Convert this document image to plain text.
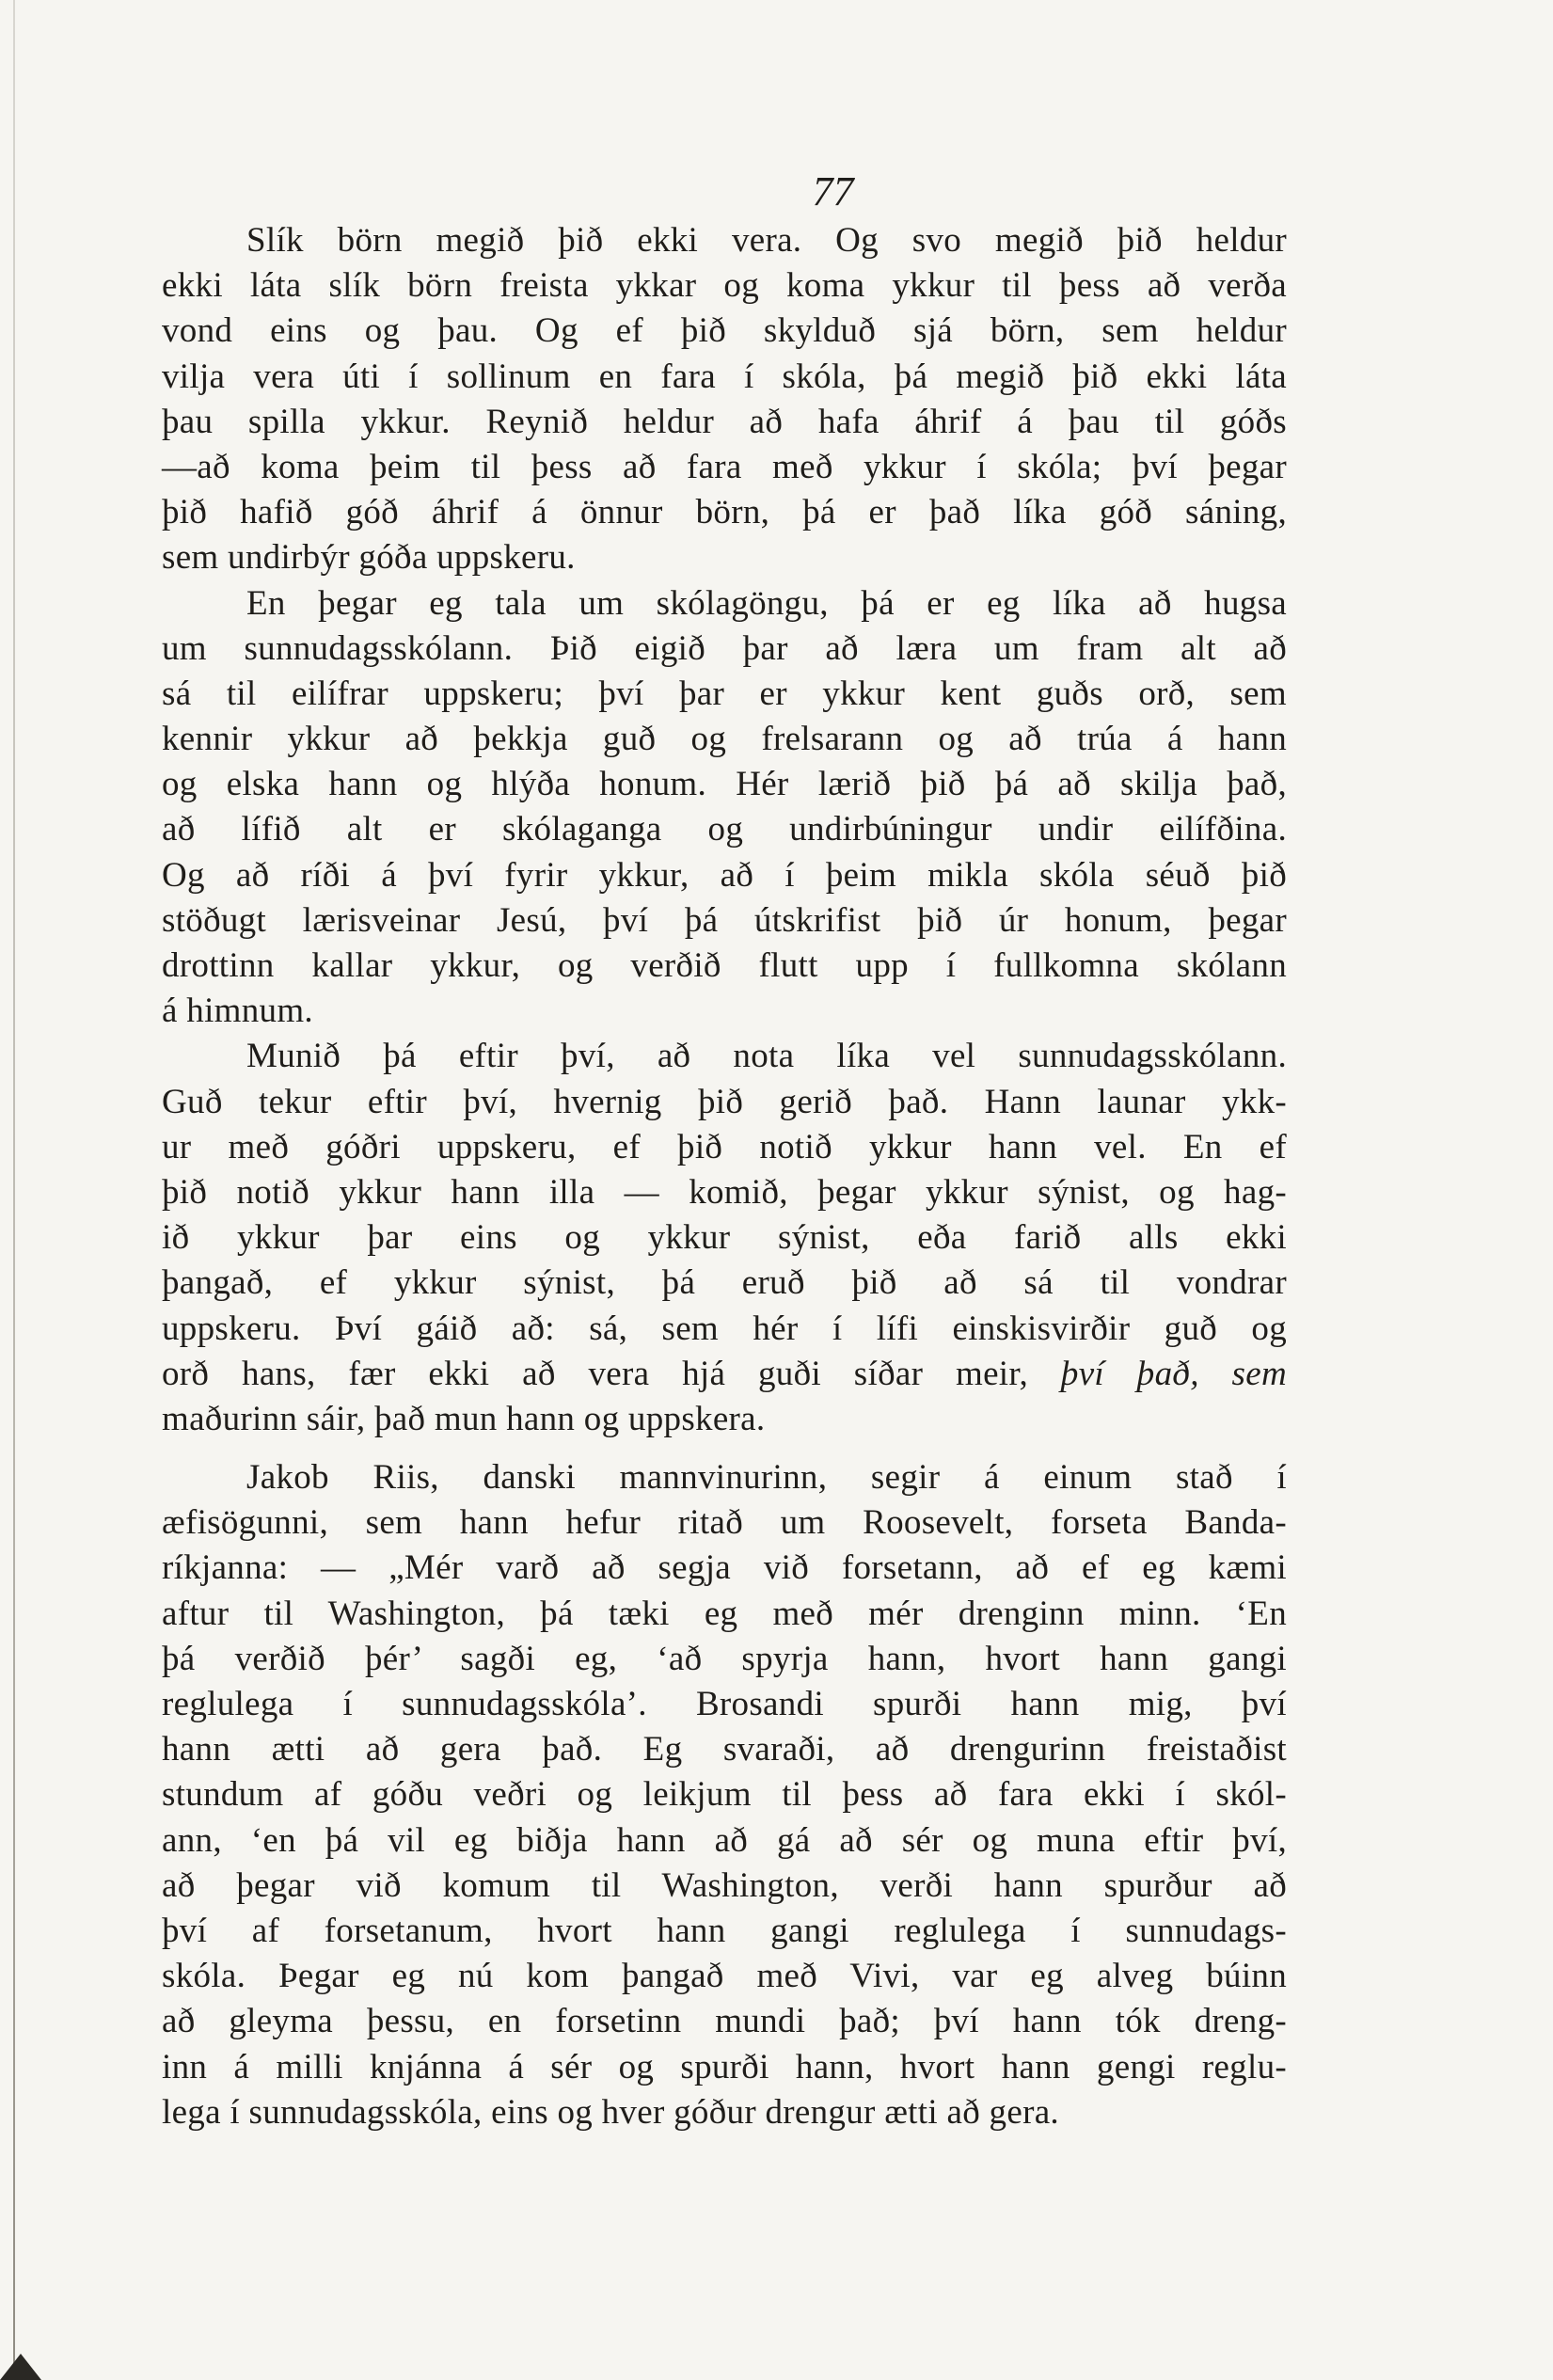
77
Slík börn megið þið ekki vera. Og svo megið þið heldur
ekki láta slík börn freista ykkar og koma ykkur til þess að verða
vond eins og þau. Og ef þið skylduð sjá börn, sem heldur
vilja vera úti í sollinum en fara í skóla, þá megið þið ekki láta
þau spilla ykkur. Reynið heldur að hafa áhrif á þau til góðs
—að koma þeim til þess að fara með ykkur í skóla; því þegar
þið hafið góð áhrif á önnur börn, þá er það líka góð sáning,
sem undirbýr góða uppskeru.
En þegar eg tala um skólagöngu, þá er eg líka að hugsa
um sunnudagsskólann. Þið eigið þar að læra um fram alt að
sá til eilífrar uppskeru; því þar er ykkur kent guðs orð, sem
kennir ykkur að þekkja guð og frelsarann og að trúa á hann
og elska hann og hlýða honum. Hér lærið þið þá að skilja það,
að lífið alt er skólaganga og undirbúningur undir eilífðina.
Og að ríði á því fyrir ykkur, að í þeim mikla skóla séuð þið
stöðugt lærisveinar Jesú, því þá útskrifist þið úr honum, þegar
drottinn kallar ykkur, og verðið flutt upp í fullkomna skólann
á himnum.
Munið þá eftir því, að nota líka vel sunnudagsskólann.
Guð tekur eftir því, hvernig þið gerið það. Hann launar ykk-
ur með góðri uppskeru, ef þið notið ykkur hann vel. En ef
þið notið ykkur hann illa — komið, þegar ykkur sýnist, og hag-
ið ykkur þar eins og ykkur sýnist, eða farið alls ekki
þangað, ef ykkur sýnist, þá eruð þið að sá til vondrar
uppskeru. Því gáið að: sá, sem hér í lífi einskisvirðir guð og
orð hans, fær ekki að vera hjá guði síðar meir, því það, sem
maðurinn sáir, það mun hann og uppskera.
Jakob Riis, danski mannvinurinn, segir á einum stað í
æfisögunni, sem hann hefur ritað um Roosevelt, forseta Banda-
ríkjanna: — „Mér varð að segja við forsetann, að ef eg kæmi
aftur til Washington, þá tæki eg með mér drenginn minn. ‘En
þá verðið þér’ sagði eg, ‘að spyrja hann, hvort hann gangi
reglulega í sunnudagsskóla’. Brosandi spurði hann mig, því
hann ætti að gera það. Eg svaraði, að drengurinn freistaðist
stundum af góðu veðri og leikjum til þess að fara ekki í skól-
ann, ‘en þá vil eg biðja hann að gá að sér og muna eftir því,
að þegar við komum til Washington, verði hann spurður að
því af forsetanum, hvort hann gangi reglulega í sunnudags-
skóla. Þegar eg nú kom þangað með Vivi, var eg alveg búinn
að gleyma þessu, en forsetinn mundi það; því hann tók dreng-
inn á milli knjánna á sér og spurði hann, hvort hann gengi reglu-
lega í sunnudagsskóla, eins og hver góður drengur ætti að gera.
